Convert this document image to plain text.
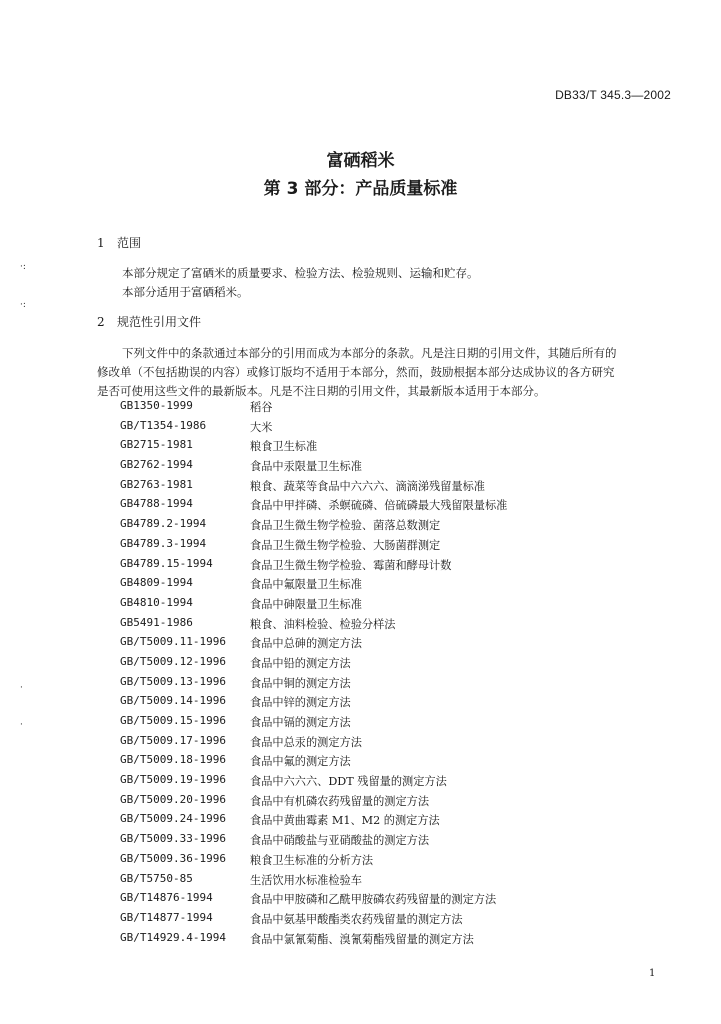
DB33/T 345.3—2002
富硒稻米
第 3 部分：产品质量标准
·:
·:
·
·
1 范围
本部分规定了富硒米的质量要求、检验方法、检验规则、运输和贮存。
本部分适用于富硒稻米。
2 规范性引用文件
下列文件中的条款通过本部分的引用而成为本部分的条款。凡是注日期的引用文件，其随后所有的
修改单（不包括勘误的内容）或修订版均不适用于本部分，然而，鼓励根据本部分达成协议的各方研究
是否可使用这些文件的最新版本。凡是不注日期的引用文件，其最新版本适用于本部分。
GB1350-1999	稻谷
GB/T1354-1986	大米
GB2715-1981	粮食卫生标准
GB2762-1994	食品中汞限量卫生标准
GB2763-1981	粮食、蔬菜等食品中六六六、滴滴涕残留量标准
GB4788-1994	食品中甲拌磷、杀螟硫磷、倍硫磷最大残留限量标准
GB4789.2-1994	食品卫生微生物学检验、菌落总数测定
GB4789.3-1994	食品卫生微生物学检验、大肠菌群测定
GB4789.15-1994	食品卫生微生物学检验、霉菌和酵母计数
GB4809-1994	食品中氟限量卫生标准
GB4810-1994	食品中砷限量卫生标准
GB5491-1986	粮食、油料检验、检验分样法
GB/T5009.11-1996 食品中总砷的测定方法
GB/T5009.12-1996 食品中铅的测定方法
GB/T5009.13-1996 食品中铜的测定方法
GB/T5009.14-1996 食品中锌的测定方法
GB/T5009.15-1996 食品中镉的测定方法
GB/T5009.17-1996 食品中总汞的测定方法
GB/T5009.18-1996 食品中氟的测定方法
GB/T5009.19-1996 食品中六六六、DDT 残留量的测定方法
GB/T5009.20-1996 食品中有机磷农药残留量的测定方法
GB/T5009.24-1996 食品中黄曲霉素 M1、M2 的测定方法
GB/T5009.33-1996 食品中硝酸盐与亚硝酸盐的测定方法
GB/T5009.36-1996 粮食卫生标准的分析方法
GB/T5750-85	生活饮用水标准检验车
GB/T14876-1994	食品中甲胺磷和乙酰甲胺磷农药残留量的测定方法
GB/T14877-1994	食品中氨基甲酸酯类农药残留量的测定方法
GB/T14929.4-1994 食品中氯氰菊酯、溴氰菊酯残留量的测定方法
1
